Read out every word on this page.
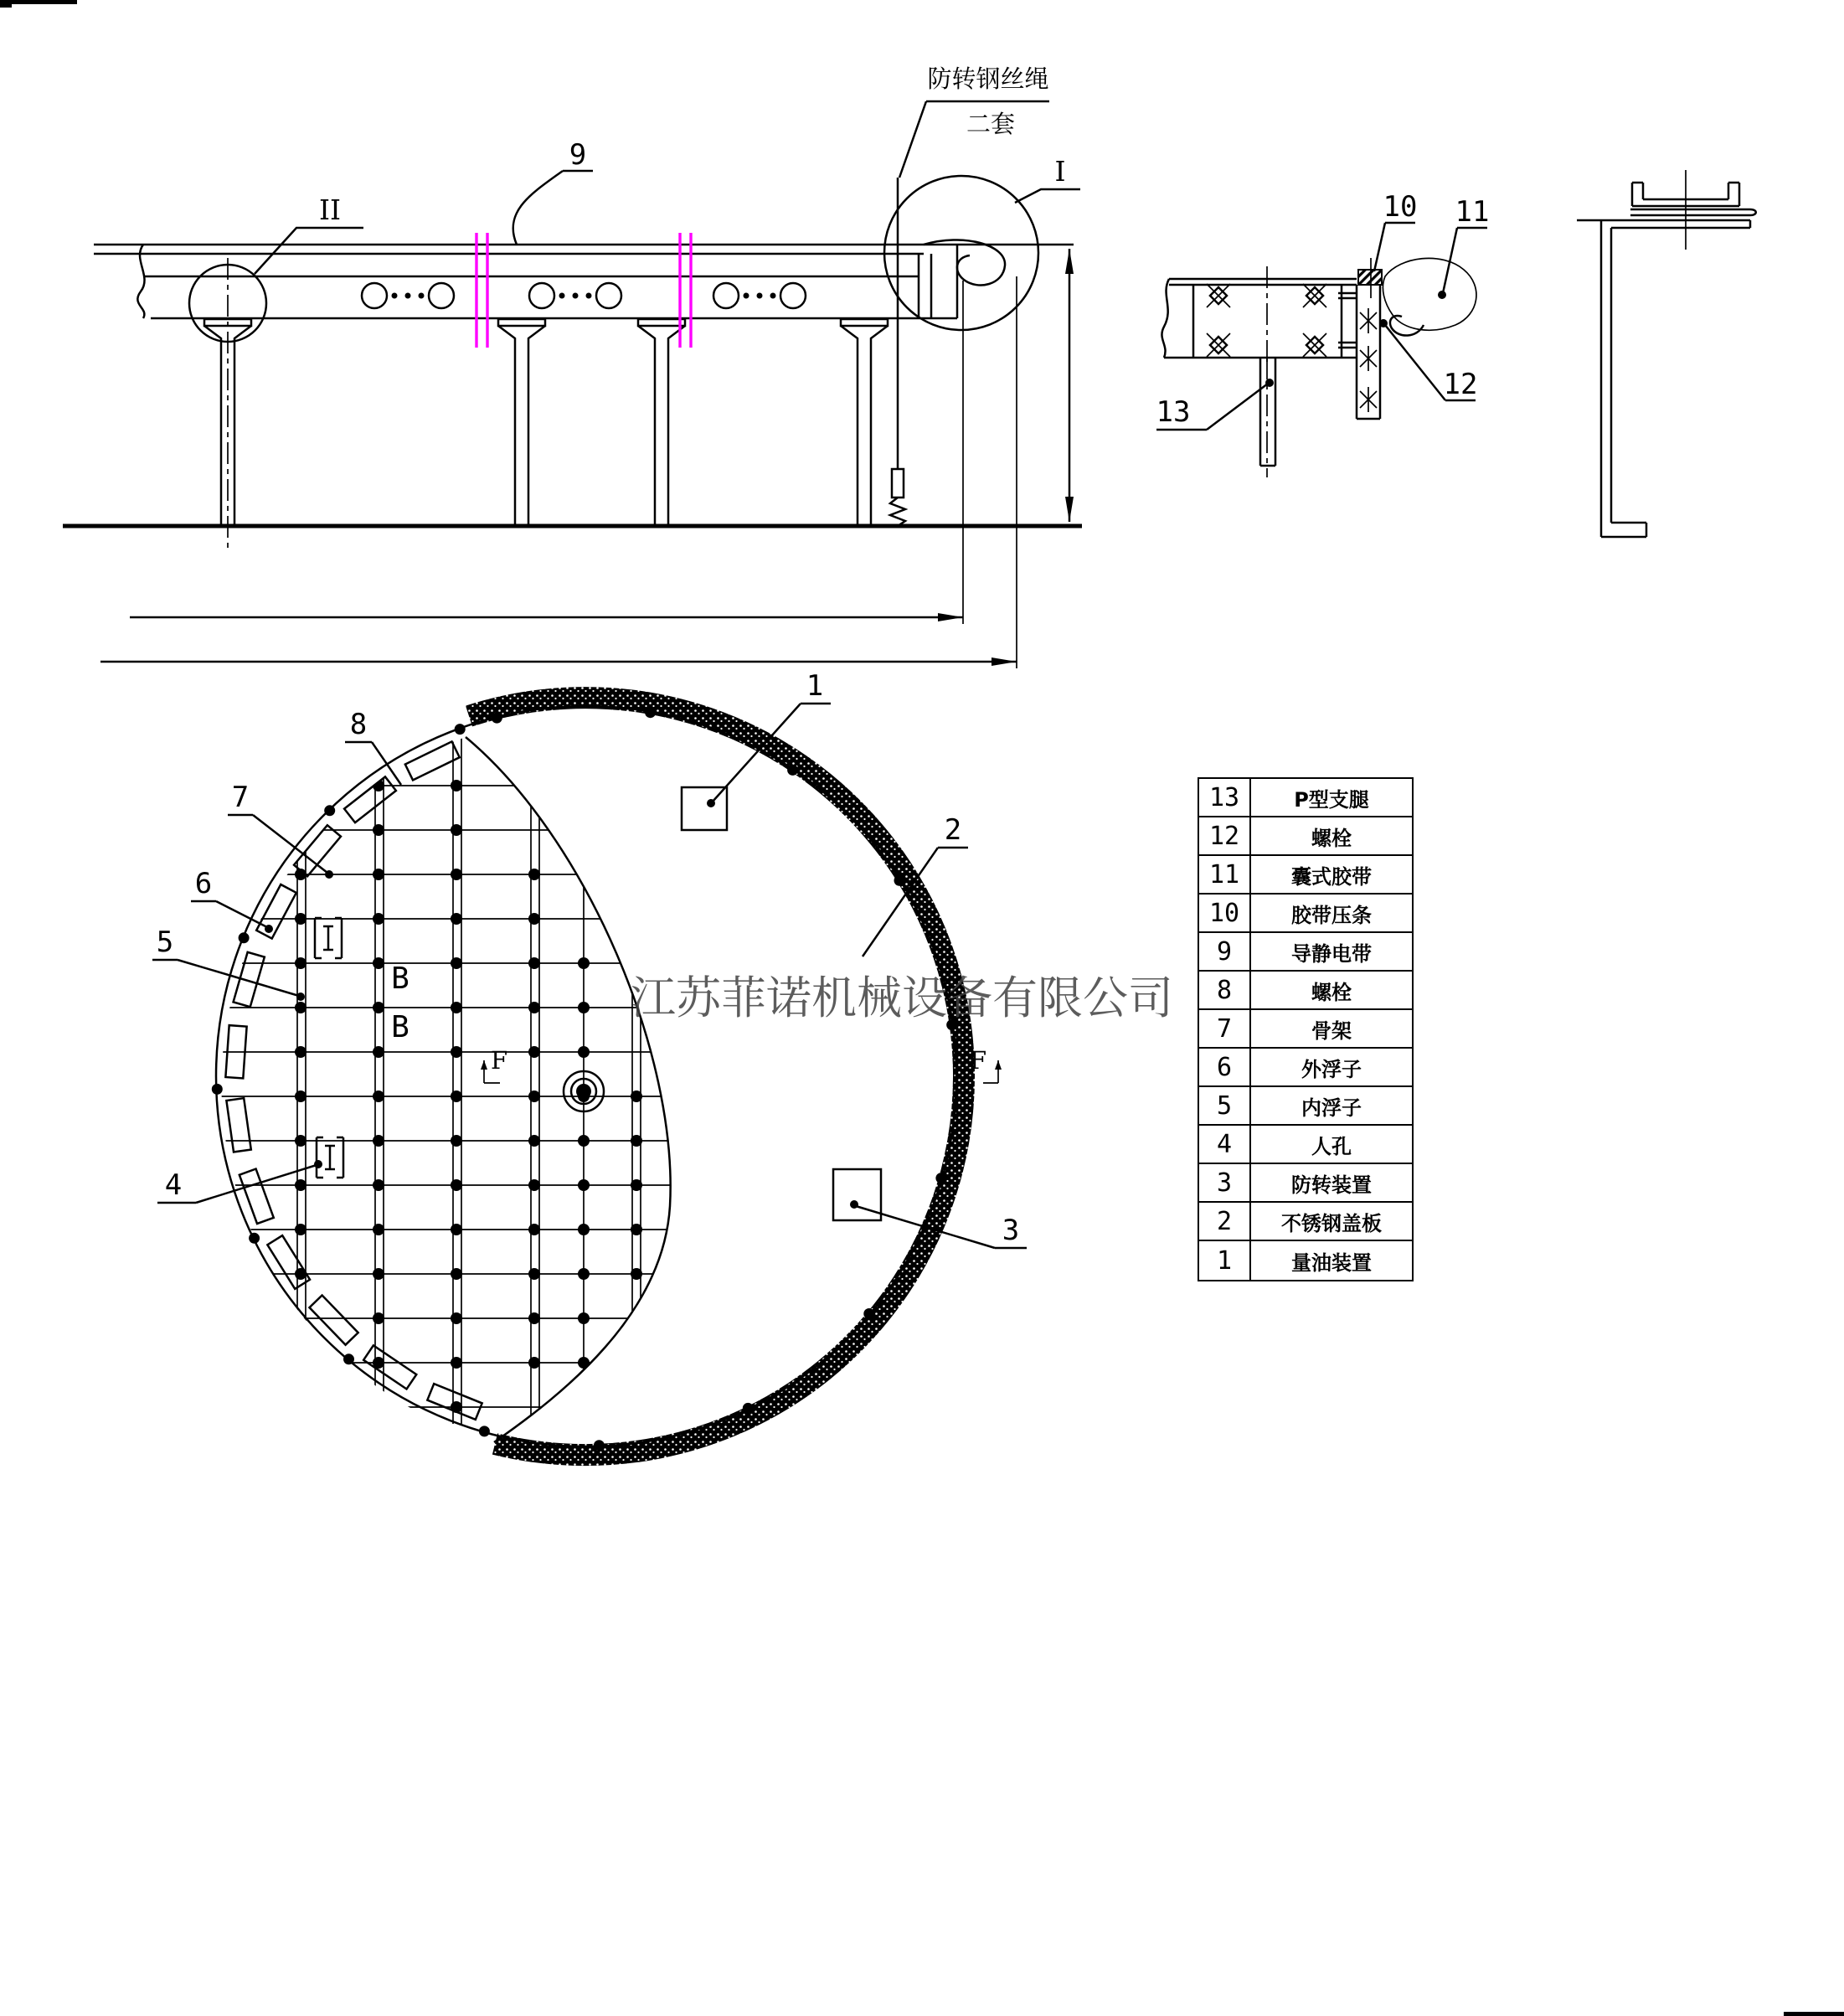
II
I
9
防转钢丝绳
二套
10 11
12
13
1
2
3
4
5
6
7
8
B
B
F	F
江苏菲诺机械设备有限公司
13	P型支腿
12	螺栓
11	囊式胶带
10	胶带压条
9	导静电带
8	螺栓
7	骨架
6	外浮子
5	内浮子
4	人孔
3	防转装置
2	不锈钢盖板
1	量油装置
